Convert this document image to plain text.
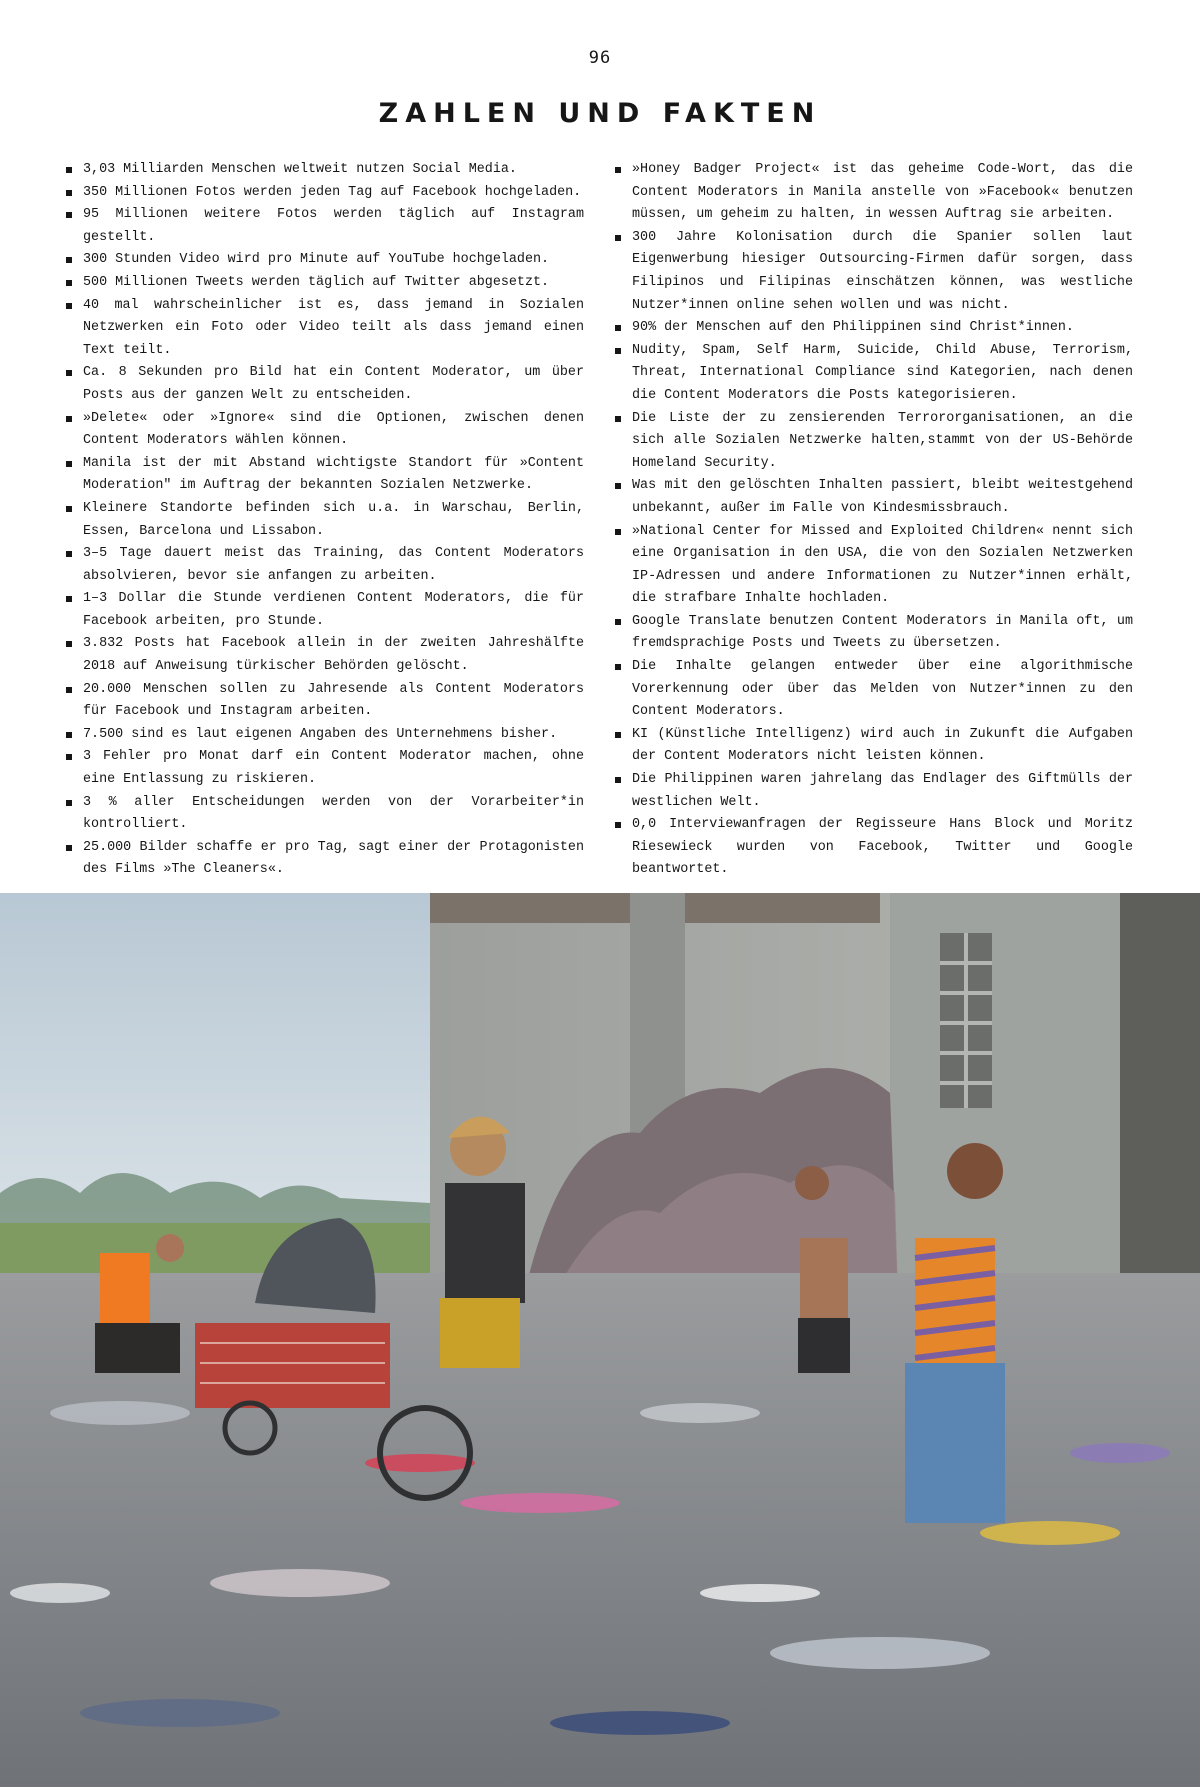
96
ZAHLEN UND FAKTEN
3,03 Milliarden Menschen weltweit nutzen Social Media.
350 Millionen Fotos werden jeden Tag auf Facebook hochgeladen.
95 Millionen weitere Fotos werden täglich auf Instagram gestellt.
300 Stunden Video wird pro Minute auf YouTube hochgeladen.
500 Millionen Tweets werden täglich auf Twitter abgesetzt.
40 mal wahrscheinlicher ist es, dass jemand in Sozialen Netzwerken ein Foto oder Video teilt als dass jemand einen Text teilt.
Ca. 8 Sekunden pro Bild hat ein Content Moderator, um über Posts aus der ganzen Welt zu entscheiden.
»Delete« oder »Ignore« sind die Optionen, zwischen denen Content Moderators wählen können.
Manila ist der mit Abstand wichtigste Standort für »Content Moderation" im Auftrag der bekannten Sozialen Netzwerke.
Kleinere Standorte befinden sich u.a. in Warschau, Berlin, Essen, Barcelona und Lissabon.
3–5 Tage dauert meist das Training, das Content Moderators absolvieren, bevor sie anfangen zu arbeiten.
1–3 Dollar die Stunde verdienen Content Moderators, die für Facebook arbeiten, pro Stunde.
3.832 Posts hat Facebook allein in der zweiten Jahreshälfte 2018 auf Anweisung türkischer Behörden gelöscht.
20.000 Menschen sollen zu Jahresende als Content Moderators für Facebook und Instagram arbeiten.
7.500 sind es laut eigenen Angaben des Unternehmens bisher.
3 Fehler pro Monat darf ein Content Moderator machen, ohne eine Entlassung zu riskieren.
3 % aller Entscheidungen werden von der Vorarbeiter*in kontrolliert.
25.000 Bilder schaffe er pro Tag, sagt einer der Protagonisten des Films »The Cleaners«.
»Honey Badger Project« ist das geheime Code-Wort, das die Content Moderators in Manila anstelle von »Facebook« benutzen müssen, um geheim zu halten, in wessen Auftrag sie arbeiten.
300 Jahre Kolonisation durch die Spanier sollen laut Eigenwerbung hiesiger Outsourcing-Firmen dafür sorgen, dass Filipinos und Filipinas einschätzen können, was westliche Nutzer*innen online sehen wollen und was nicht.
90% der Menschen auf den Philippinen sind Christ*innen.
Nudity, Spam, Self Harm, Suicide, Child Abuse, Terrorism, Threat, International Compliance sind Kategorien, nach denen die Content Moderators die Posts kategorisieren.
Die Liste der zu zensierenden Terrororganisationen, an die sich alle Sozialen Netzwerke halten,stammt von der US-Behörde Homeland Security.
Was mit den gelöschten Inhalten passiert, bleibt weitestgehend unbekannt, außer im Falle von Kindesmissbrauch.
»National Center for Missed and Exploited Children« nennt sich eine Organisation in den USA, die von den Sozialen Netzwerken IP-Adressen und andere Informationen zu Nutzer*innen erhält, die strafbare Inhalte hochladen.
Google Translate benutzen Content Moderators in Manila oft, um fremdsprachige Posts und Tweets zu übersetzen.
Die Inhalte gelangen entweder über eine algorithmische Vorerkennung oder über das Melden von Nutzer*innen zu den Content Moderators.
KI (Künstliche Intelligenz) wird auch in Zukunft die Aufgaben der Content Moderators nicht leisten können.
Die Philippinen waren jahrelang das Endlager des Giftmülls der westlichen Welt.
0,0 Interviewanfragen der Regisseure Hans Block und Moritz Riesewieck wurden von Facebook, Twitter und Google beantwortet.
